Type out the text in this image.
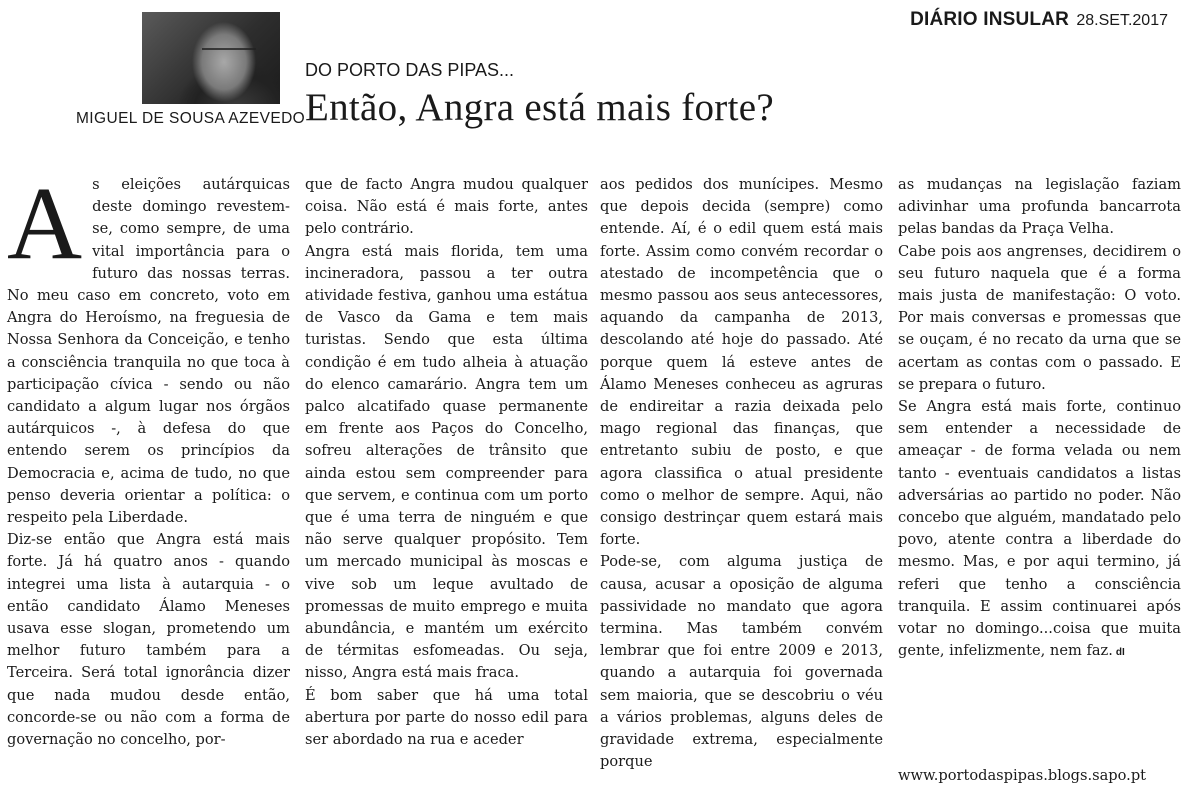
DIÁRIO INSULAR 28.SET.2017
MIGUEL DE SOUSA AZEVEDO
DO PORTO DAS PIPAS...
Então, Angra está mais forte?

As eleições autárquicas deste domingo revestem-se, como sempre, de uma vital importância para o futuro das nossas terras. No meu caso em concreto, voto em Angra do Heroísmo, na freguesia de Nossa Senhora da Conceição, e tenho a consciência tranquila no que toca à participação cívica - sendo ou não candidato a algum lugar nos órgãos autárquicos -, à defesa do que entendo serem os princípios da Democracia e, acima de tudo, no que penso deveria orientar a política: o respeito pela Liberdade.

Diz-se então que Angra está mais forte. Já há quatro anos - quando integrei uma lista à autarquia - o então candidato Álamo Meneses usava esse slogan, prometendo um melhor futuro também para a Terceira. Será total ignorância dizer que nada mudou desde então, concorde-se ou não com a forma de governação no concelho, por-

que de facto Angra mudou qualquer coisa. Não está é mais forte, antes pelo contrário.

Angra está mais florida, tem uma incineradora, passou a ter outra atividade festiva, ganhou uma estátua de Vasco da Gama e tem mais turistas. Sendo que esta última condição é em tudo alheia à atuação do elenco camarário. Angra tem um palco alcatifado quase permanente em frente aos Paços do Concelho, sofreu alterações de trânsito que ainda estou sem compreender para que servem, e continua com um porto que é uma terra de ninguém e que não serve qualquer propósito. Tem um mercado municipal às moscas e vive sob um leque avultado de promessas de muito emprego e muita abundância, e mantém um exército de térmitas esfomeadas. Ou seja, nisso, Angra está mais fraca.

É bom saber que há uma total abertura por parte do nosso edil para ser abordado na rua e aceder

aos pedidos dos munícipes. Mesmo que depois decida (sempre) como entende. Aí, é o edil quem está mais forte. Assim como convém recordar o atestado de incompetência que o mesmo passou aos seus antecessores, aquando da campanha de 2013, descolando até hoje do passado. Até porque quem lá esteve antes de Álamo Meneses conheceu as agruras de endireitar a razia deixada pelo mago regional das finanças, que entretanto subiu de posto, e que agora classifica o atual presidente como o melhor de sempre. Aqui, não consigo destrinçar quem estará mais forte.

Pode-se, com alguma justiça de causa, acusar a oposição de alguma passividade no mandato que agora termina. Mas também convém lembrar que foi entre 2009 e 2013, quando a autarquia foi governada sem maioria, que se descobriu o véu a vários problemas, alguns deles de gravidade extrema, especialmente porque

as mudanças na legislação faziam adivinhar uma profunda bancarrota pelas bandas da Praça Velha.

Cabe pois aos angrenses, decidirem o seu futuro naquela que é a forma mais justa de manifestação: O voto. Por mais conversas e promessas que se ouçam, é no recato da urna que se acertam as contas com o passado. E se prepara o futuro.

Se Angra está mais forte, continuo sem entender a necessidade de ameaçar - de forma velada ou nem tanto - eventuais candidatos a listas adversárias ao partido no poder. Não concebo que alguém, mandatado pelo povo, atente contra a liberdade do mesmo. Mas, e por aqui termino, já referi que tenho a consciência tranquila. E assim continuarei após votar no domingo...coisa que muita gente, infelizmente, nem faz. dI

www.portodaspipas.blogs.sapo.pt
